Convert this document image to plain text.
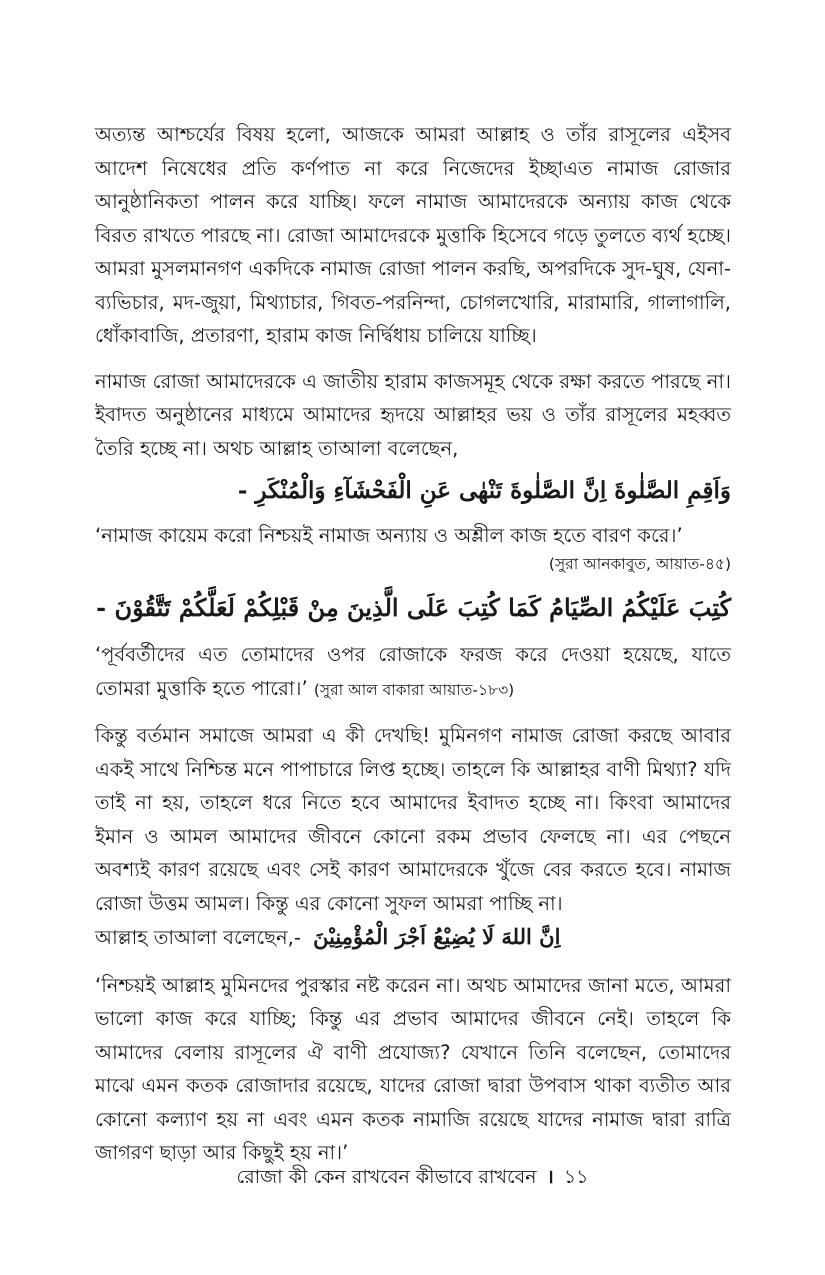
অত্যন্ত আশ্চর্যের বিষয় হলো, আজকে আমরা আল্লাহ ও তাঁর রাসূলের এইসব আদেশ নিষেধের প্রতি কর্ণপাত না করে নিজেদের ইচ্ছাএত নামাজ রোজার আনুষ্ঠানিকতা পালন করে যাচ্ছি। ফলে নামাজ আমাদেরকে অন্যায় কাজ থেকে বিরত রাখতে পারছে না। রোজা আমাদেরকে মুত্তাকি হিসেবে গড়ে তুলতে ব্যর্থ হচ্ছে। আমরা মুসলমানগণ একদিকে নামাজ রোজা পালন করছি, অপরদিকে সুদ-ঘুষ, যেনা-ব্যভিচার, মদ-জুয়া, মিথ্যাচার, গিবত-পরনিন্দা, চোগলখোরি, মারামারি, গালাগালি, ধোঁকাবাজি, প্রতারণা, হারাম কাজ নির্দ্বিধায় চালিয়ে যাচ্ছি।

নামাজ রোজা আমাদেরকে এ জাতীয় হারাম কাজসমূহ থেকে রক্ষা করতে পারছে না। ইবাদত অনুষ্ঠানের মাধ্যমে আমাদের হৃদয়ে আল্লাহর ভয় ও তাঁর রাসূলের মহব্বত তৈরি হচ্ছে না। অথচ আল্লাহ তাআলা বলেছেন,

وَاَقِمِ الصَّلٰوةَ اِنَّ الصَّلٰوةَ تَنْهٰى عَنِ الْفَحْشَآءِ وَالْمُنْكَرِ -

‘নামাজ কায়েম করো নিশ্চয়ই নামাজ অন্যায় ও অশ্লীল কাজ হতে বারণ করে।’

(সুরা আনকাবুত, আয়াত-৪৫)

كُتِبَ عَلَيْكُمُ الصِّيَامُ كَمَا كُتِبَ عَلَى الَّذِينَ مِنْ قَبْلِكُمْ لَعَلَّكُمْ تَتَّقُوْنَ -

‘পূর্ববর্তীদের এত তোমাদের ওপর রোজাকে ফরজ করে দেওয়া হয়েছে, যাতে তোমরা মুত্তাকি হতে পারো।’ (সুরা আল বাকারা আয়াত-১৮৩)

কিন্তু বর্তমান সমাজে আমরা এ কী দেখছি! মুমিনগণ নামাজ রোজা করছে আবার একই সাথে নিশ্চিন্ত মনে পাপাচারে লিপ্ত হচ্ছে। তাহলে কি আল্লাহর বাণী মিথ্যা? যদি তাই না হয়, তাহলে ধরে নিতে হবে আমাদের ইবাদত হচ্ছে না। কিংবা আমাদের ইমান ও আমল আমাদের জীবনে কোনো রকম প্রভাব ফেলছে না। এর পেছনে অবশ্যই কারণ রয়েছে এবং সেই কারণ আমাদেরকে খুঁজে বের করতে হবে। নামাজ রোজা উত্তম আমল। কিন্তু এর কোনো সুফল আমরা পাচ্ছি না।
আল্লাহ তাআলা বলেছেন,- اِنَّ اللهَ لَا يُضِيْعُ اَجْرَ الْمُؤْمِنِيْنَ

‘নিশ্চয়ই আল্লাহ মুমিনদের পুরস্কার নষ্ট করেন না। অথচ আমাদের জানা মতে, আমরা ভালো কাজ করে যাচ্ছি; কিন্তু এর প্রভাব আমাদের জীবনে নেই। তাহলে কি আমাদের বেলায় রাসূলের ঐ বাণী প্রযোজ্য? যেখানে তিনি বলেছেন, তোমাদের মাঝে এমন কতক রোজাদার রয়েছে, যাদের রোজা দ্বারা উপবাস থাকা ব্যতীত আর কোনো কল্যাণ হয় না এবং এমন কতক নামাজি রয়েছে যাদের নামাজ দ্বারা রাত্রি জাগরণ ছাড়া আর কিছুই হয় না।’

রোজা কী কেন রাখবেন কীভাবে রাখবেন । ১১
